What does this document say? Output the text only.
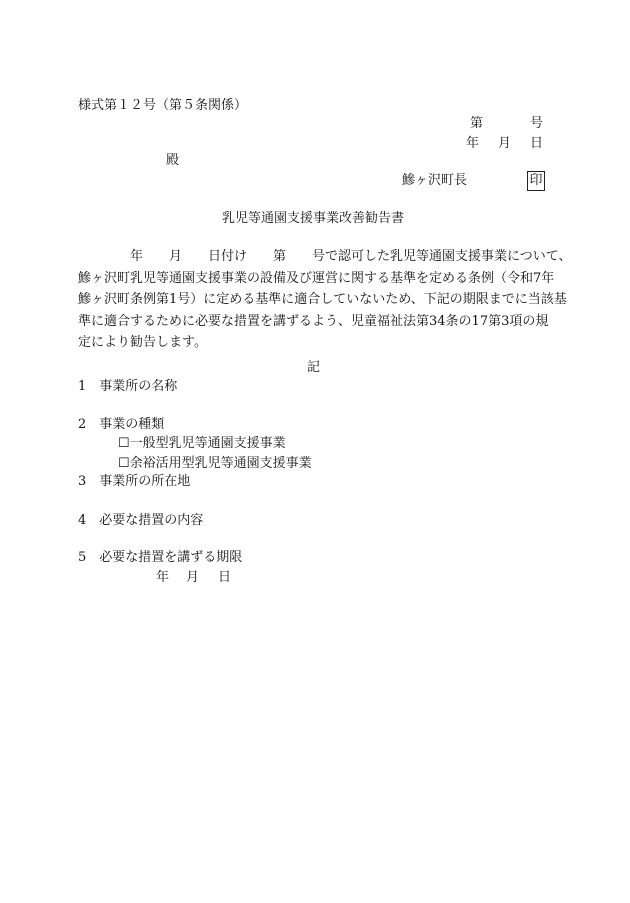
様式第１２号（第５条関係）
第	号
年 月 日
殿
鰺ヶ沢町長	印
乳児等通園支援事業改善勧告書
　　　　年　　月　　日付け　　第　　号で認可した乳児等通園支援事業について、
鰺ヶ沢町乳児等通園支援事業の設備及び運営に関する基準を定める条例（令和7年
鰺ヶ沢町条例第1号）に定める基準に適合していないため、下記の期限までに当該基
準に適合するために必要な措置を講ずるよう、児童福祉法第34条の17第3項の規
定により勧告します。
記
1　事業所の名称
2　事業の種類
☐一般型乳児等通園支援事業
☐余裕活用型乳児等通園支援事業
3　事業所の所在地
4　必要な措置の内容
5　必要な措置を講ずる期限
年 月 日
